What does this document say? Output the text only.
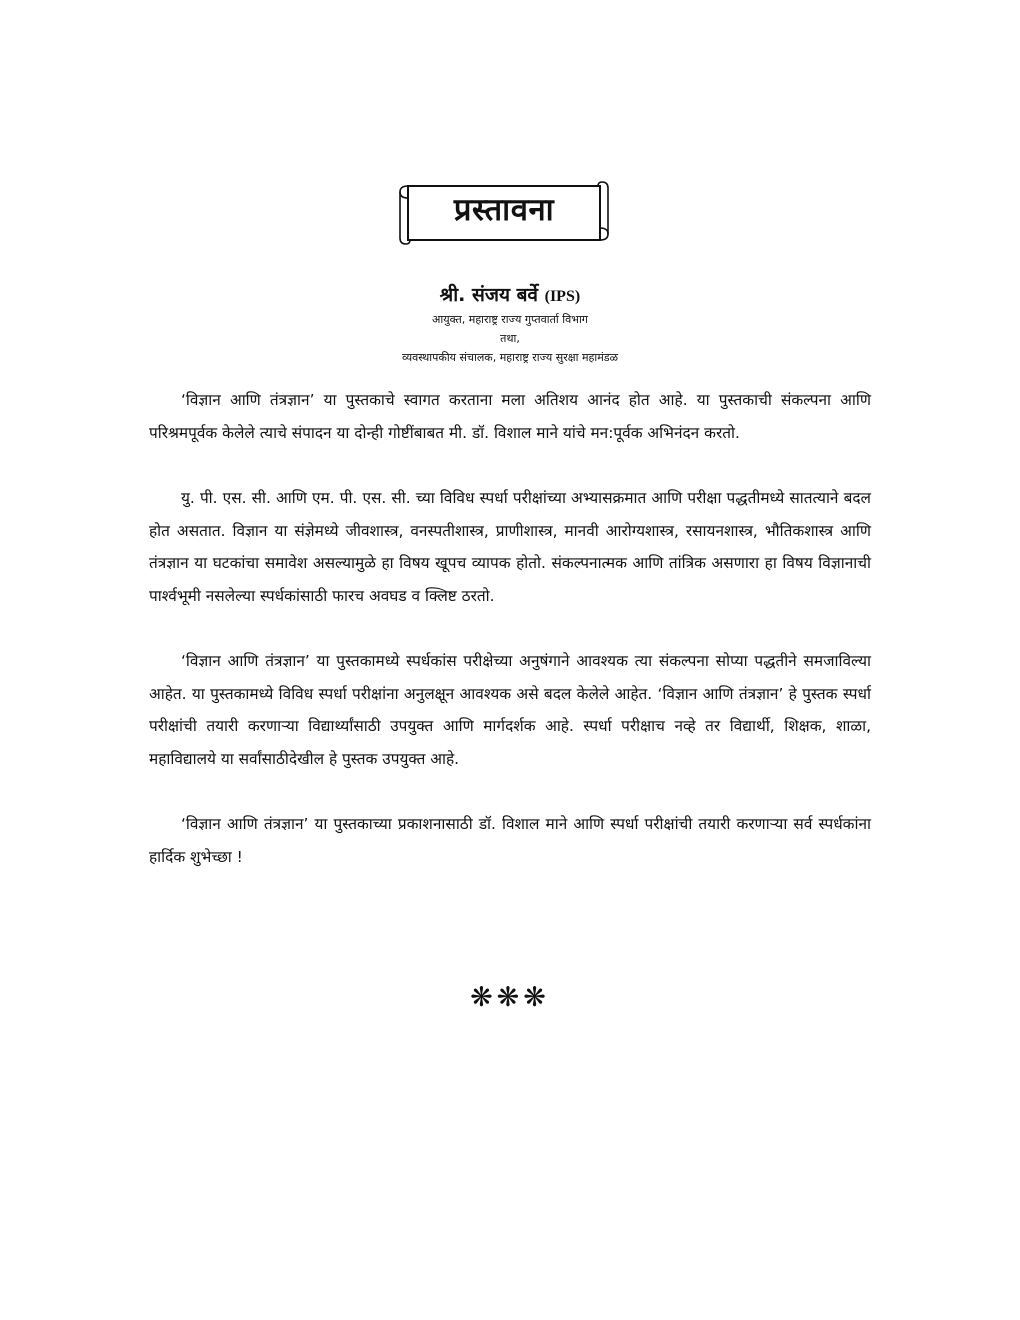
प्रस्तावना
श्री. संजय बर्वे (IPS)
आयुक्त, महाराष्ट्र राज्य गुप्तवार्ता विभाग
तथा,
व्यवस्थापकीय संचालक, महाराष्ट्र राज्य सुरक्षा महामंडळ

‘विज्ञान आणि तंत्रज्ञान’ या पुस्तकाचे स्वागत करताना मला अतिशय आनंद होत आहे. या पुस्तकाची संकल्पना आणि परिश्रमपूर्वक केलेले त्याचे संपादन या दोन्ही गोष्टींबाबत मी. डॉ. विशाल माने यांचे मन:पूर्वक अभिनंदन करतो.

यु. पी. एस. सी. आणि एम. पी. एस. सी. च्या विविध स्पर्धा परीक्षांच्या अभ्यासक्रमात आणि परीक्षा पद्धतीमध्ये सातत्याने बदल होत असतात. विज्ञान या संज्ञेमध्ये जीवशास्त्र, वनस्पतीशास्त्र, प्राणीशास्त्र, मानवी आरोग्यशास्त्र, रसायनशास्त्र, भौतिकशास्त्र आणि तंत्रज्ञान या घटकांचा समावेश असल्यामुळे हा विषय खूपच व्यापक होतो. संकल्पनात्मक आणि तांत्रिक असणारा हा विषय विज्ञानाची पार्श्वभूमी नसलेल्या स्पर्धकांसाठी फारच अवघड व क्लिष्ट ठरतो.

‘विज्ञान आणि तंत्रज्ञान’ या पुस्तकामध्ये स्पर्धकांस परीक्षेच्या अनुषंगाने आवश्यक त्या संकल्पना सोप्या पद्धतीने समजाविल्या आहेत. या पुस्तकामध्ये विविध स्पर्धा परीक्षांना अनुलक्षून आवश्यक असे बदल केलेले आहेत. ‘विज्ञान आणि तंत्रज्ञान’ हे पुस्तक स्पर्धा परीक्षांची तयारी करणाऱ्या विद्यार्थ्यांसाठी उपयुक्त आणि मार्गदर्शक आहे. स्पर्धा परीक्षाच नव्हे तर विद्यार्थी, शिक्षक, शाळा, महाविद्यालये या सर्वांसाठीदेखील हे पुस्तक उपयुक्त आहे.

‘विज्ञान आणि तंत्रज्ञान’ या पुस्तकाच्या प्रकाशनासाठी डॉ. विशाल माने आणि स्पर्धा परीक्षांची तयारी करणाऱ्या सर्व स्पर्धकांना हार्दिक शुभेच्छा !

❋❋❋
